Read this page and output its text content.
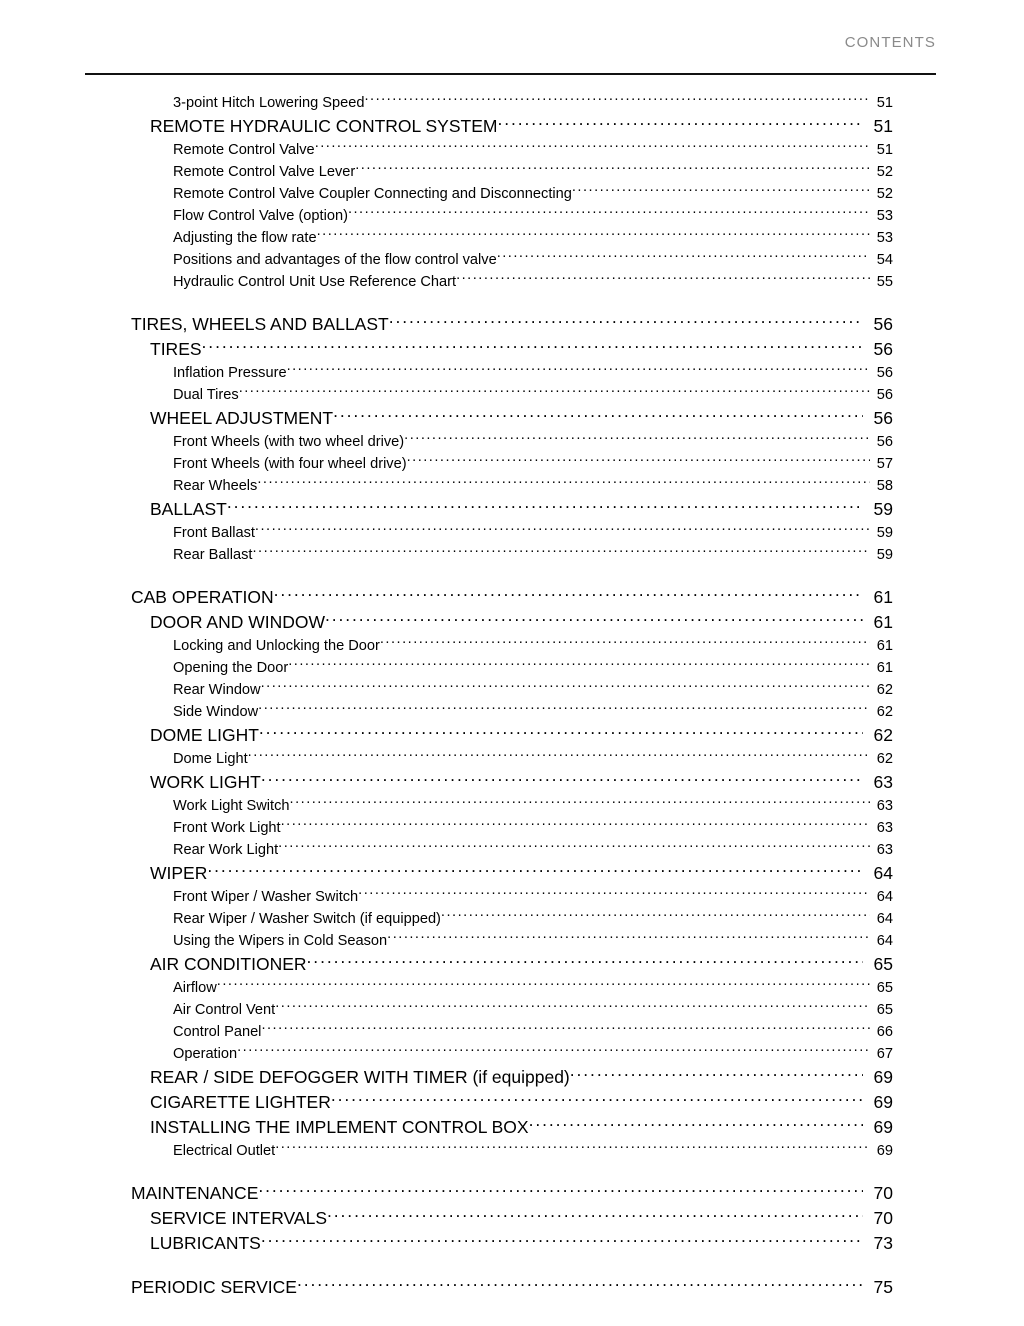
CONTENTS
3-point Hitch Lowering Speed .....	51
REMOTE HYDRAULIC CONTROL SYSTEM .....	51
Remote Control Valve .....	51
Remote Control Valve Lever .....	52
Remote Control Valve Coupler Connecting and Disconnecting .....	52
Flow Control Valve (option) .....	53
Adjusting the flow rate .....	53
Positions and advantages of the flow control valve .....	54
Hydraulic Control Unit Use Reference Chart .....	55
TIRES, WHEELS AND BALLAST .....	56
TIRES .....	56
Inflation Pressure .....	56
Dual Tires .....	56
WHEEL ADJUSTMENT .....	56
Front Wheels (with two wheel drive) .....	56
Front Wheels (with four wheel drive) .....	57
Rear Wheels .....	58
BALLAST .....	59
Front Ballast .....	59
Rear Ballast .....	59
CAB OPERATION .....	61
DOOR AND WINDOW .....	61
Locking and Unlocking the Door .....	61
Opening the Door .....	61
Rear Window .....	62
Side Window .....	62
DOME LIGHT .....	62
Dome Light .....	62
WORK LIGHT .....	63
Work Light Switch .....	63
Front Work Light .....	63
Rear Work Light .....	63
WIPER .....	64
Front Wiper / Washer Switch .....	64
Rear Wiper / Washer Switch (if equipped) .....	64
Using the Wipers in Cold Season .....	64
AIR CONDITIONER .....	65
Airflow .....	65
Air Control Vent .....	65
Control Panel .....	66
Operation .....	67
REAR / SIDE DEFOGGER WITH TIMER (if equipped) .....	69
CIGARETTE LIGHTER .....	69
INSTALLING THE IMPLEMENT CONTROL BOX .....	69
Electrical Outlet .....	69
MAINTENANCE .....	70
SERVICE INTERVALS .....	70
LUBRICANTS .....	73
PERIODIC SERVICE .....	75
